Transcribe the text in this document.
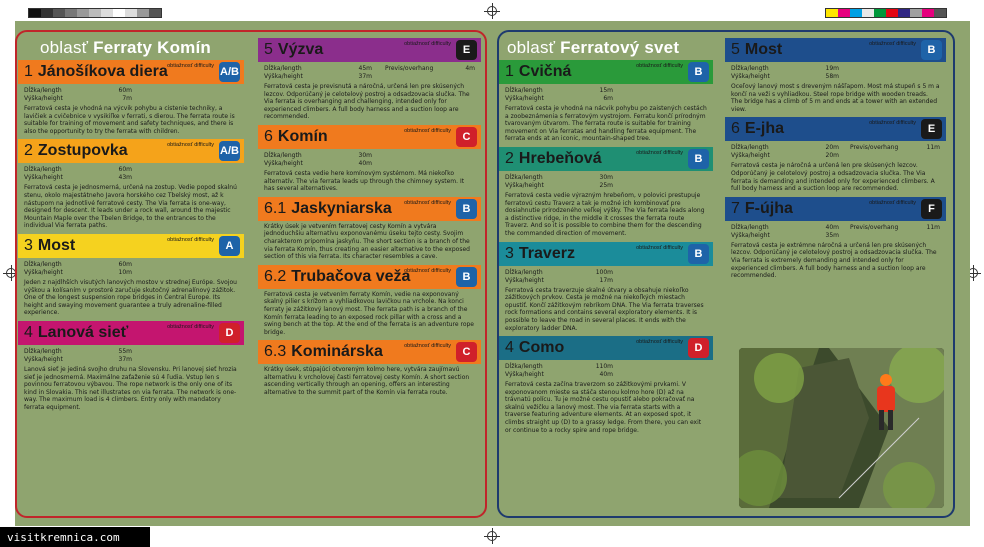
oblasť Ferraty Komín
1 Jánošíkova diera obtiažnosť difficulty A/B
Dĺžka/length	60m
Výška/height	7m
Ferratová cesta je vhodná na výcvik pohybu a cistenie techniky, a lavičiek a cvičebnice v vysikiľke v ferrati, s dierou. The ferrata route is suitable for training of movement and safety techniques, and there is also the opportunity to try the ferrata with children.
2 Zostupovka	obtiažnosť difficulty A/B
Dĺžka/length	60m
Výška/height	43m
Ferratová cesta je jednosmerná, určená na zostup. Vedie popod skalnú stenu, okolo majestátneho Javora horského cez Tbelský most, až k nástupom na jednotlivé ferratové cesty. The Via ferrata is one-way, designed for descent. It leads under a rock wall, around the majestic Mountain Maple over the Tbelen Bridge, to the entrances to the individual Via ferrata paths.
3 Most	obtiažnosť difficulty	A
Dĺžka/length	60m
Výška/height	10m
Jeden z najdlhších visutých lanových mostov v strednej Európe. Svojou výškou a kolísaním v prostoré zaručuje skutočný adrenalínový zážitok. One of the longest suspension rope bridges in Central Europe. Its height and swaying movement guarantee a truly adrenaline-filled experience.
4 Lanová sieť	obtiažnosť difficulty	D
Dĺžka/length	55m
Výška/height	37m
Lanová sieť je jediná svojho druhu na Slovensku. Pri lanovej sieť hrozia sieť je jednosmerná. Maximálne zaťaženie sú 4 ľudia. Vstup len s povinnou ferratovou výbavou. The rope network is the only one of its kind in Slovakia. This net illustrates on via ferrata. The network is one-way. The maximum load is 4 climbers. Entry only with mandatory ferrata equipment.
5 Výzva	obtiažnosť difficulty	E
Dĺžka/length	45m
Výška/height	37m
Previs/overhang	4m
Ferratová cesta je previsnutá a náročná, určená len pre skúsených lezcov. Odporúčaný je celotelový postroj a odsadzovacia slučka. The Via ferrata is overhanging and challenging, intended only for experienced climbers. A full body harness and a suction loop are recommended.
6 Komín	obtiažnosť difficulty	C
Dĺžka/length	30m
Výška/height	40m
Ferratová cesta vedie here komínovým systémom. Má niekoľko alternatív. The via ferrata leads up through the chimney system. It has several alternatives.
6.1 Jaskyniarska obtiažnosť difficulty	B
Krátky úsek je vetvením ferratovej cesty Komín a vytvára jednoduchšiu alternatívu exponovanému úseku tejto cesty. Svojim charakterom pripomína jaskyňu. The short section is a branch of the via ferrata Komín, thus creating an easier alternative to the exposed section of this via ferrata. Its character resembles a cave.
6.2 Trubačova veža
obtiažnosť difficulty	B
Ferratová cesta je vetvením ferraty Komín, vedie na exponovaný skalný pilier s krížom a vyhliadkovou lavičkou na vrchole. Na konci ferraty je zážitkový lanový most. The ferrata path is a branch of the Komín ferrata leading to an exposed rock pillar with a cross and a swing bench at the top. At the end of the ferrata is an adventure rope bridge.
6.3 Kominárska	obtiažnosť difficulty	C
Krátky úsek, stúpajúci otvoreným kolmo here, vytvára zaujímavú alternatívu k vrcholovej časti ferratovej cesty Komín. A short section ascending vertically through an opening, offers an interesting alternative to the summit part of the Komín via ferrata route.
oblasť Ferratový svet
1 Cvičná	obtiažnosť difficulty	B
Dĺžka/length	15m
Výška/height	6m
Ferratová cesta je vhodná na nácvik pohybu po zaistených cestách a zoobeznámenia s ferratovým vystrojom. Ferratu končí prírodným tvarovaným útvarom. The ferrata route is suitable for training movement on Via ferratas and handling ferrata equipment. The ferrata ends at an iconic, mountain-shaped tree.
2 Hrebeňová	obtiažnosť difficulty	B
Dĺžka/length	30m
Výška/height	25m
Ferratová cesta vedie výrazným hrebeňom, v polovici prestupuje ferratovú cestu Traverz a tak je možné ich kombinovať pre dosiahnutie prirodzeného veľkej výšky. The Via ferrata leads along a distinctive ridge, in the middle it crosses the ferrata route Traverz. And so it is possible to combine them for the descending the commanded direction of movement.
3 Traverz	obtiažnosť difficulty	B
Dĺžka/length	100m
Výška/height	17m
Ferratová cesta traverzuje skalné útvary a obsahuje niekoľko zážitkových prvkov. Cesta je možné na niekoľkých miestach opustiť. Končí zážitkovým rebríkom DNA. The Via ferrata traverses rock formations and contains several exploratory elements. It is possible to leave the road in several places. It ends with the exploratory ladder DNA.
4 Como	obtiažnosť difficulty	D
Dĺžka/length	110m
Výška/height	40m
Ferratová cesta začína traverzom so zážitkovými prvkami. V exponovanom mieste sa stáča stenou kolmo hore (D) až na trávnatú polícu. Tu je možné cestu opustiť alebo pokračovať na skalnú vežičku a lanový most. The via ferrata starts with a traverse featuring adventure elements. At an exposed spot, it climbs straight up (D) to a grassy ledge. From there, you can exit or continue to a rocky spire and rope bridge.
5 Most	obtiažnosť difficulty	B
Dĺžka/length	19m
Výška/height	58m
Oceľový lanový most s dreveným nášľapom. Most má stupeň s 5 m a končí na veži s vyhliadkou. Steel rope bridge with wooden treads. The bridge has a climb of 5 m and ends at a tower with an extended view.
6 E-jha	obtiažnosť difficulty	E
Dĺžka/length	20m
Výška/height	20m
Previs/overhang	11m
Ferratová cesta je náročná a určená len pre skúsených lezcov. Odporúčaný je celotelový postroj a odsadzovacia slučka. The Via ferrata is demanding and intended only for experienced climbers. A full body harness and a suction loop are recommended.
7 F-újha	obtiažnosť difficulty	F
Dĺžka/length	40m
Výška/height	35m
Previs/overhang	11m
Ferratová cesta je extrémne náročná a určená len pre skúsených lezcov. Odporúčaný je celotelový postroj a odsadzovacia slučka. The Via ferrata is extremely demanding and intended only for experienced climbers. A full body harness and a suction loop are recommended.
visitkremnica.com
